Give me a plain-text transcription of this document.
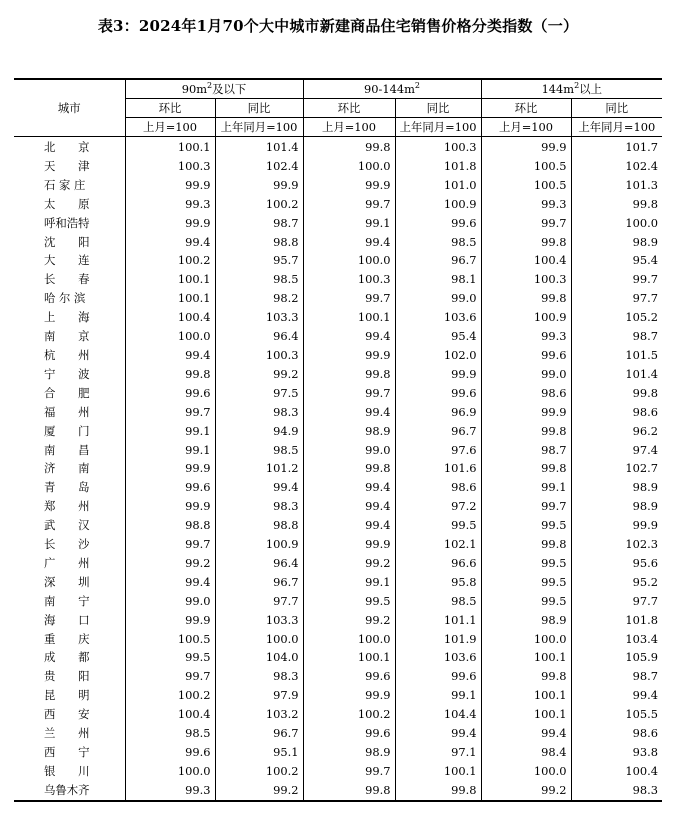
表3：2024年1月70个大中城市新建商品住宅销售价格分类指数（一）
城市	$90m^2$及以下		$90-144m^2$		$144m^2$以上	
	环比	同比	环比	同比	环比	同比
	上月=100	上年同月=100	上月=100	上年同月=100	上月=100	上年同月=100
北　　京	100.1	101.4	99.8	100.3	99.9	101.7
天　　津	100.3	102.4	100.0	101.8	100.5	102.4
石 家 庄	99.9	99.9	99.9	101.0	100.5	101.3
太　　原	99.3	100.2	99.7	100.9	99.3	99.8
呼和浩特	99.9	98.7	99.1	99.6	99.7	100.0
沈　　阳	99.4	98.8	99.4	98.5	99.8	98.9
大　　连	100.2	95.7	100.0	96.7	100.4	95.4
长　　春	100.1	98.5	100.3	98.1	100.3	99.7
哈 尔 滨	100.1	98.2	99.7	99.0	99.8	97.7
上　　海	100.4	103.3	100.1	103.6	100.9	105.2
南　　京	100.0	96.4	99.4	95.4	99.3	98.7
杭　　州	99.4	100.3	99.9	102.0	99.6	101.5
宁　　波	99.8	99.2	99.8	99.9	99.0	101.4
合　　肥	99.6	97.5	99.7	99.6	98.6	99.8
福　　州	99.7	98.3	99.4	96.9	99.9	98.6
厦　　门	99.1	94.9	98.9	96.7	99.8	96.2
南　　昌	99.1	98.5	99.0	97.6	98.7	97.4
济　　南	99.9	101.2	99.8	101.6	99.8	102.7
青　　岛	99.6	99.4	99.4	98.6	99.1	98.9
郑　　州	99.9	98.3	99.4	97.2	99.7	98.9
武　　汉	98.8	98.8	99.4	99.5	99.5	99.9
长　　沙	99.7	100.9	99.9	102.1	99.8	102.3
广　　州	99.2	96.4	99.2	96.6	99.5	95.6
深　　圳	99.4	96.7	99.1	95.8	99.5	95.2
南　　宁	99.0	97.7	99.5	98.5	99.5	97.7
海　　口	99.9	103.3	99.2	101.1	98.9	101.8
重　　庆	100.5	100.0	100.0	101.9	100.0	103.4
成　　都	99.5	104.0	100.1	103.6	100.1	105.9
贵　　阳	99.7	98.3	99.6	99.6	99.8	98.7
昆　　明	100.2	97.9	99.9	99.1	100.1	99.4
西　　安	100.4	103.2	100.2	104.4	100.1	105.5
兰　　州	98.5	96.7	99.6	99.4	99.4	98.6
西　　宁	99.6	95.1	98.9	97.1	98.4	93.8
银　　川	100.0	100.2	99.7	100.1	100.0	100.4
乌鲁木齐	99.3	99.2	99.8	99.8	99.2	98.3
